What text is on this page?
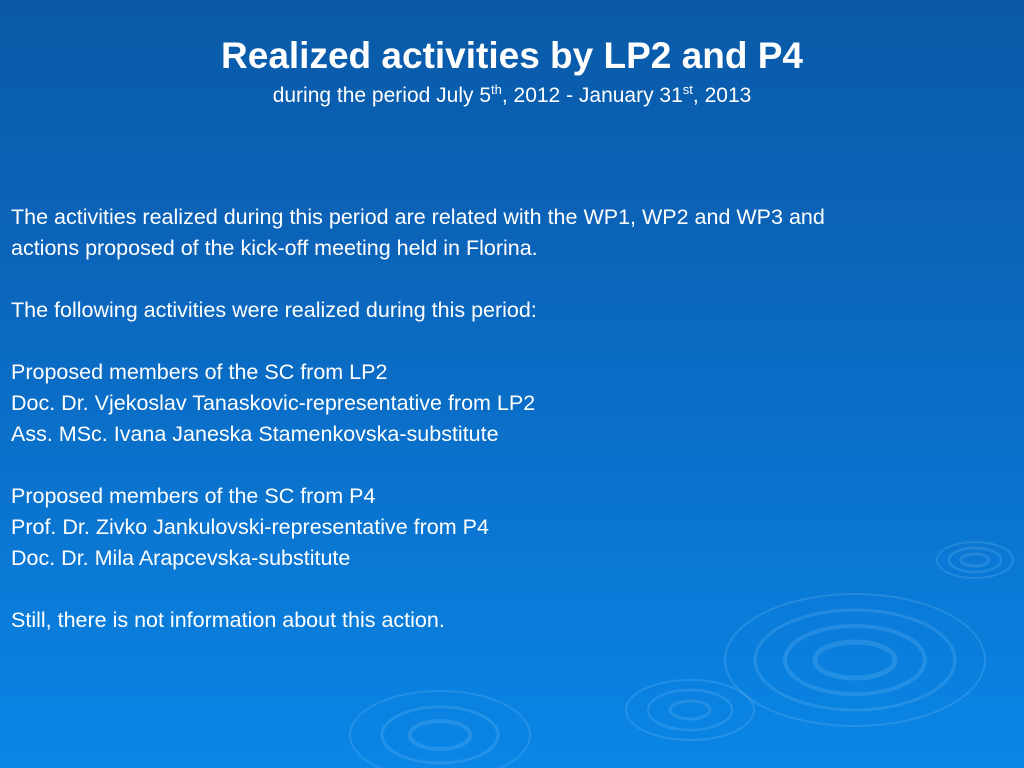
Realized activities by LP2 and P4
during the period July 5th, 2012 - January 31st, 2013
The activities realized during this period are related with the WP1, WP2 and WP3 and
actions proposed of the kick-off meeting held in Florina.
The following activities were realized during this period:
Proposed members of the SC from LP2
Doc. Dr. Vjekoslav Tanaskovic-representative from LP2
Ass. MSc. Ivana Janeska Stamenkovska-substitute
Proposed members of the SC from P4
Prof. Dr. Zivko Jankulovski-representative from P4
Doc. Dr. Mila Arapcevska-substitute
Still, there is not information about this action.
